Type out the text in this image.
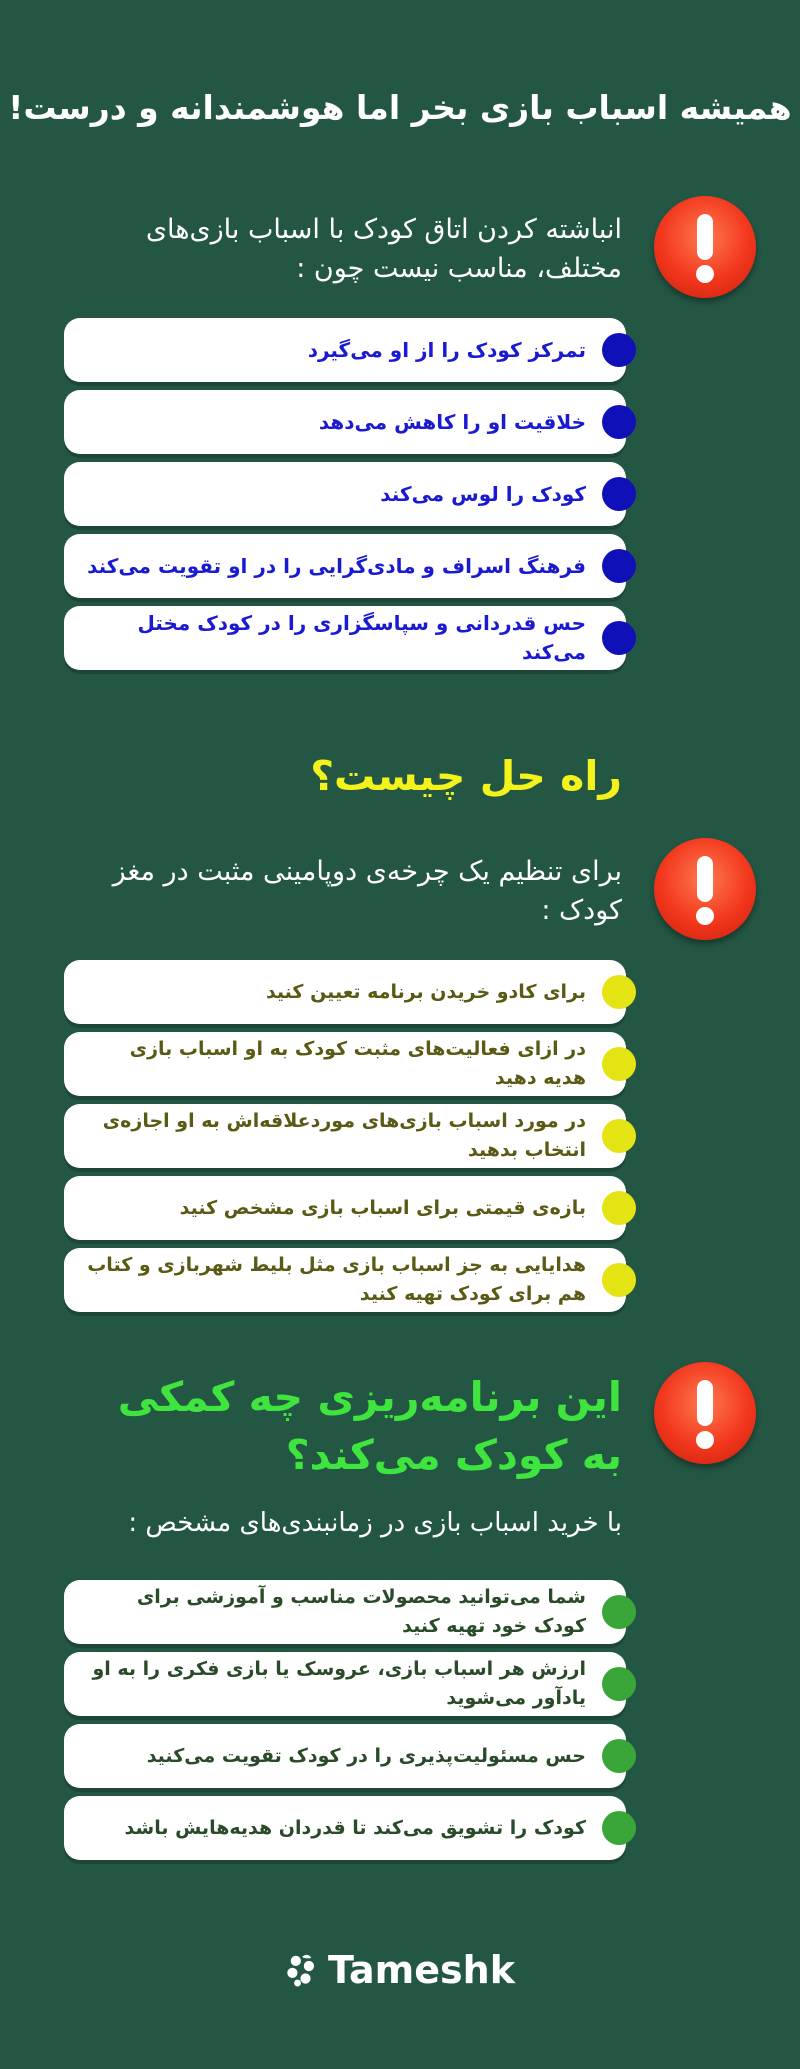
همیشه اسباب بازی بخر اما هوشمندانه و درست!

انباشته کردن اتاق کودک با اسباب بازی‌های مختلف، مناسب نیست چون :

تمرکز کودک را از او می‌گیرد
خلاقیت او را کاهش می‌دهد
کودک را لوس می‌کند
فرهنگ اسراف و مادی‌گرایی را در او تقویت می‌کند
حس قدردانی و سپاسگزاری را در کودک مختل می‌کند
راه حل چیست؟

برای تنظیم یک چرخه‌ی دوپامینی مثبت در مغز کودک :

برای کادو خریدن برنامه تعیین کنید
در ازای فعالیت‌های مثبت کودک به او اسباب بازی هدیه دهید
در مورد اسباب بازی‌های موردعلاقه‌اش به او اجازه‌ی انتخاب بدهید
بازه‌ی قیمتی برای اسباب بازی مشخص کنید
هدایایی به جز اسباب بازی مثل بلیط شهربازی و کتاب هم برای کودک تهیه کنید
این برنامه‌ریزی چه کمکی به کودک می‌کند؟

با خرید اسباب بازی در زمانبندی‌های مشخص :

شما می‌توانید محصولات مناسب و آموزشی برای کودک خود تهیه کنید
ارزش هر اسباب بازی، عروسک یا بازی فکری را به او یادآور می‌شوید
حس مسئولیت‌پذیری را در کودک تقویت می‌کنید
کودک را تشویق می‌کند تا قدردان هدیه‌هایش باشد
Tameshk
